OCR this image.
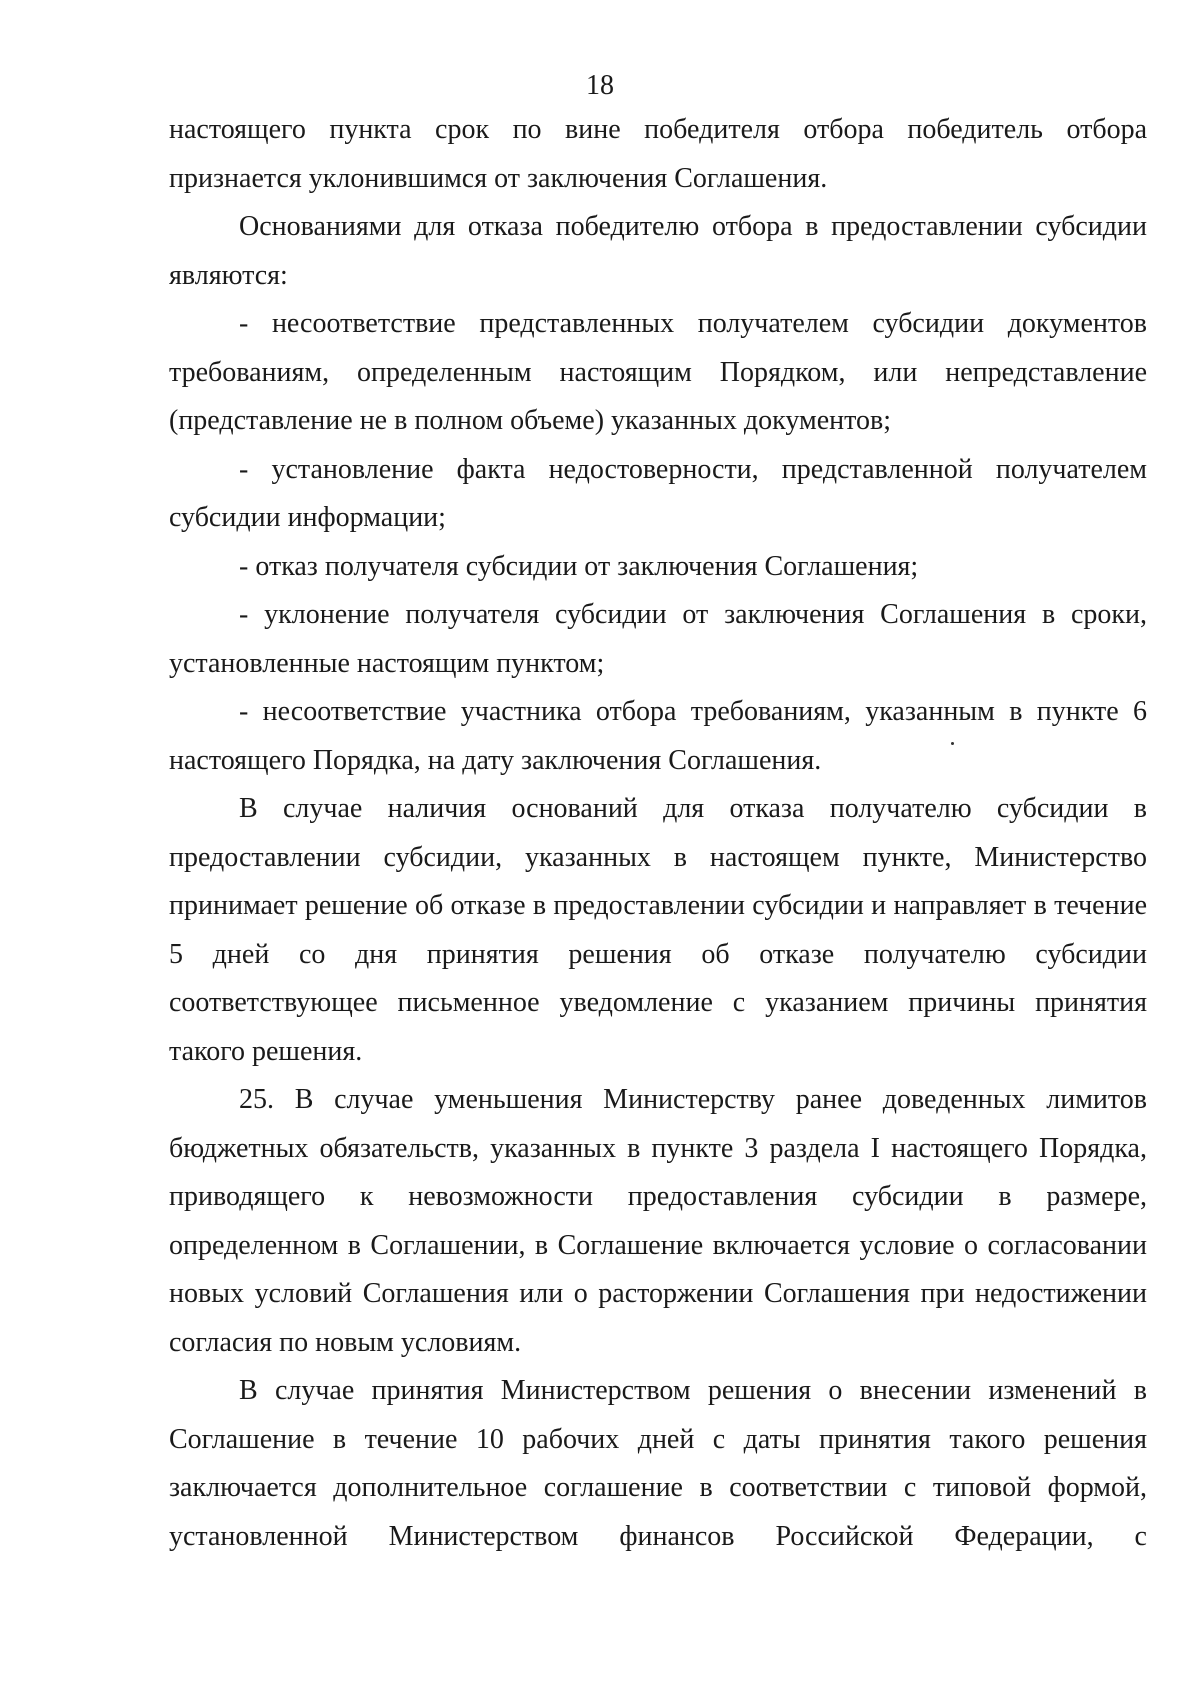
18

настоящего пункта срок по вине победителя отбора победитель отбора признается уклонившимся от заключения Соглашения.

Основаниями для отказа победителю отбора в предоставлении субсидии являются:

- несоответствие представленных получателем субсидии документов требованиям, определенным настоящим Порядком, или непредставление (представление не в полном объеме) указанных документов;

- установление факта недостоверности, представленной получателем субсидии информации;

- отказ получателя субсидии от заключения Соглашения;

- уклонение получателя субсидии от заключения Соглашения в сроки, установленные настоящим пунктом;

- несоответствие участника отбора требованиям, указанным в пункте 6 настоящего Порядка, на дату заключения Соглашения.

В случае наличия оснований для отказа получателю субсидии в предоставлении субсидии, указанных в настоящем пункте, Министерство принимает решение об отказе в предоставлении субсидии и направляет в течение 5 дней со дня принятия решения об отказе получателю субсидии соответствующее письменное уведомление с указанием причины принятия такого решения.

25. В случае уменьшения Министерству ранее доведенных лимитов бюджетных обязательств, указанных в пункте 3 раздела I настоящего Порядка, приводящего к невозможности предоставления субсидии в размере, определенном в Соглашении, в Соглашение включается условие о согласовании новых условий Соглашения или о расторжении Соглашения при недостижении согласия по новым условиям.

В случае принятия Министерством решения о внесении изменений в Соглашение в течение 10 рабочих дней с даты принятия такого решения заключается дополнительное соглашение в соответствии с типовой формой, установленной Министерством финансов Российской Федерации, с
